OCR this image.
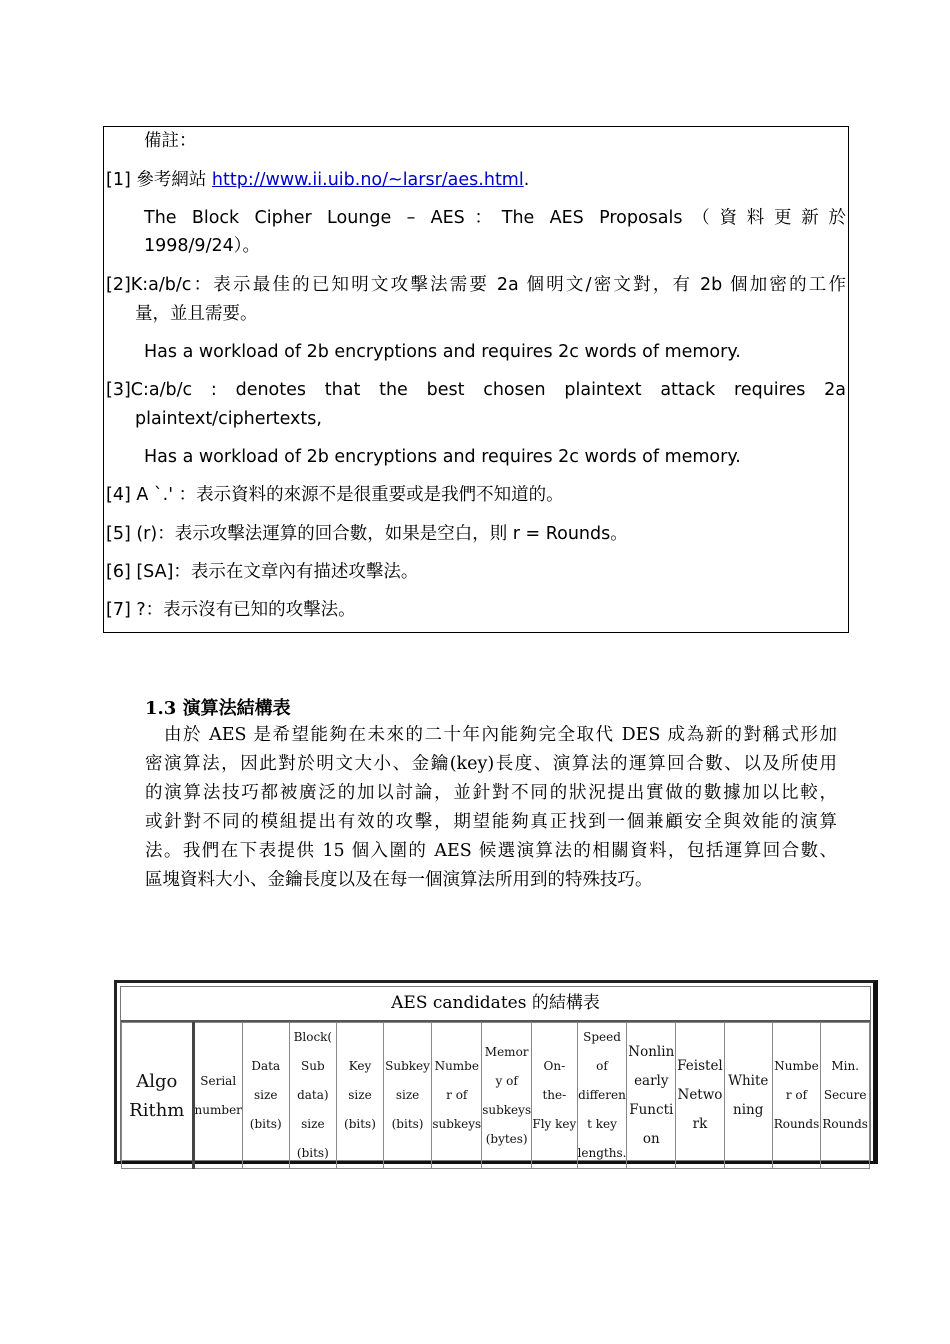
備註：
[1] 參考網站 http://www.ii.uib.no/~larsr/aes.html.
The Block Cipher Lounge – AES：The AES Proposals（資料更新於
1998/9/24）。
[2]K:a/b/c：表示最佳的已知明文攻擊法需要 2a 個明文/密文對，有 2b 個加密的工作
量，並且需要。
Has a workload of 2b encryptions and requires 2c words of memory.
[3]C:a/b/c : denotes that the best chosen plaintext attack requires 2a
plaintext/ciphertexts,
Has a workload of 2b encryptions and requires 2c words of memory.
[4] A `.' ：表示資料的來源不是很重要或是我們不知道的。
[5] (r)：表示攻擊法運算的回合數，如果是空白，則 r = Rounds。
[6] [SA]：表示在文章內有描述攻擊法。
[7] ?：表示沒有已知的攻擊法。
1.3 演算法結構表
　由於 AES 是希望能夠在未來的二十年內能夠完全取代 DES 成為新的對稱式形加
密演算法，因此對於明文大小、金鑰(key)長度、演算法的運算回合數、以及所使用
的演算法技巧都被廣泛的加以討論，並針對不同的狀況提出實做的數據加以比較，
或針對不同的模組提出有效的攻擊，期望能夠真正找到一個兼顧安全與效能的演算
法。我們在下表提供 15 個入圍的 AES 候選演算法的相關資料，包括運算回合數、
區塊資料大小、金鑰長度以及在每一個演算法所用到的特殊技巧。
AES candidates 的結構表
Algo
Rithm

Serial
number

Data
size
(bits)

Block(
Sub
data)
size
(bits)

Key
size
(bits)

Subkey
size
(bits)

Numbe
r of
subkeys

Memor
y of
subkeys
(bytes)

On-the-
Fly key

Speed
of
differen
t key
lengths.

Nonlin
early
Functi
on

Feistel
Netwo
rk

White
ning

Numbe
r of
Rounds

Min.
Secure
Rounds
